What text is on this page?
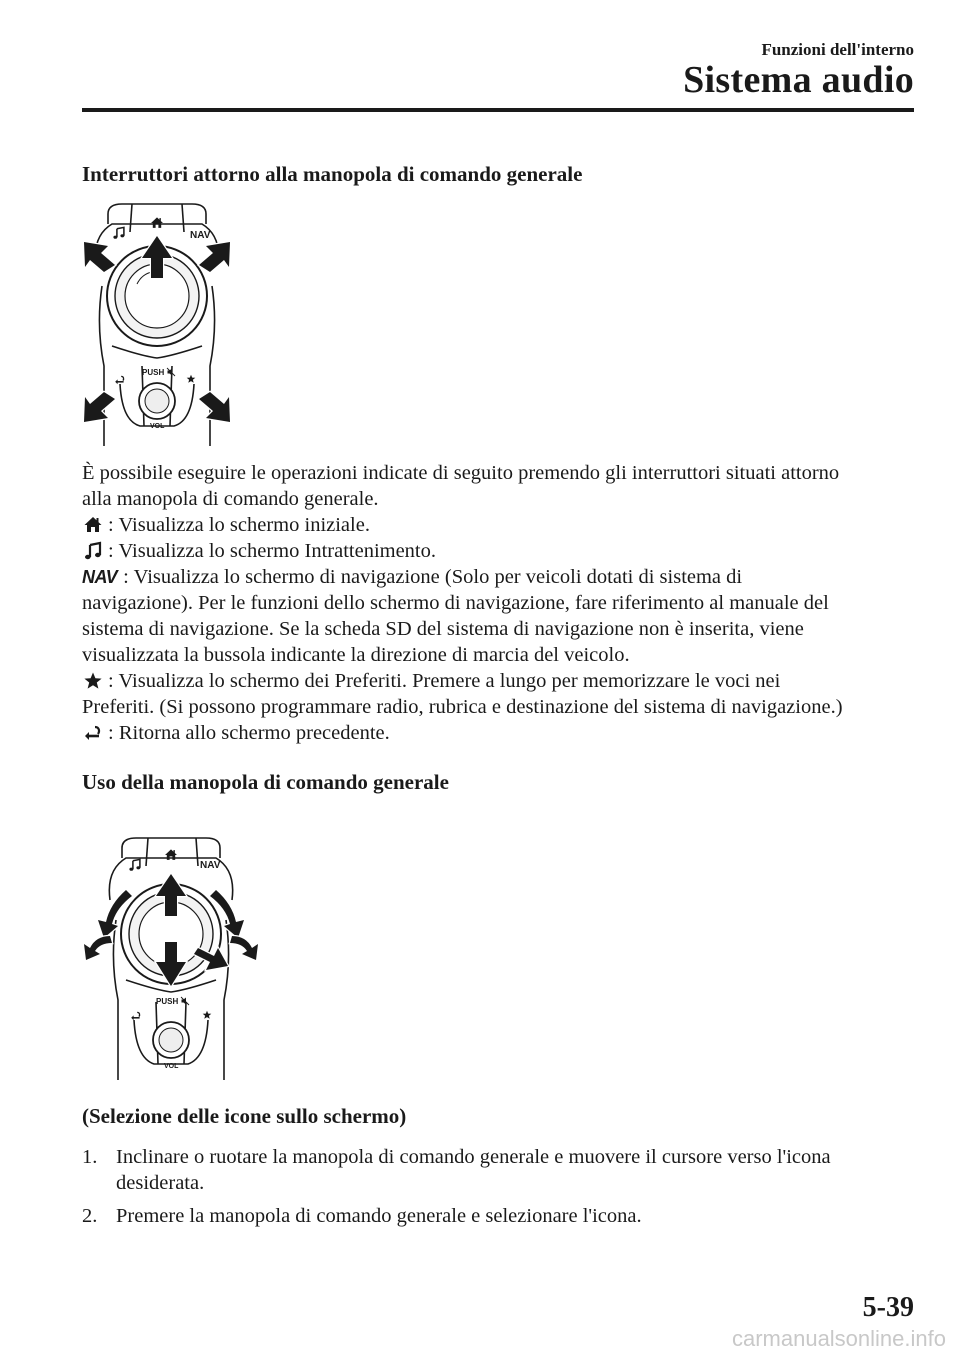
Funzioni dell'interno
Sistema audio
Interruttori attorno alla manopola di comando generale
NAV
PUSH
VOL
È possibile eseguire le operazioni indicate di seguito premendo gli interruttori situati attorno
alla manopola di comando generale.
: Visualizza lo schermo iniziale.
: Visualizza lo schermo Intrattenimento.
NAV : Visualizza lo schermo di navigazione (Solo per veicoli dotati di sistema di
navigazione). Per le funzioni dello schermo di navigazione, fare riferimento al manuale del
sistema di navigazione. Se la scheda SD del sistema di navigazione non è inserita, viene
visualizzata la bussola indicante la direzione di marcia del veicolo.
: Visualizza lo schermo dei Preferiti. Premere a lungo per memorizzare le voci nei
Preferiti. (Si possono programmare radio, rubrica e destinazione del sistema di navigazione.)
: Ritorna allo schermo precedente.
Uso della manopola di comando generale
NAV
PUSH
VOL
(Selezione delle icone sullo schermo)
1. Inclinare o ruotare la manopola di comando generale e muovere il cursore verso l'icona
desiderata.
2. Premere la manopola di comando generale e selezionare l'icona.
5-39
carmanualsonline.info
